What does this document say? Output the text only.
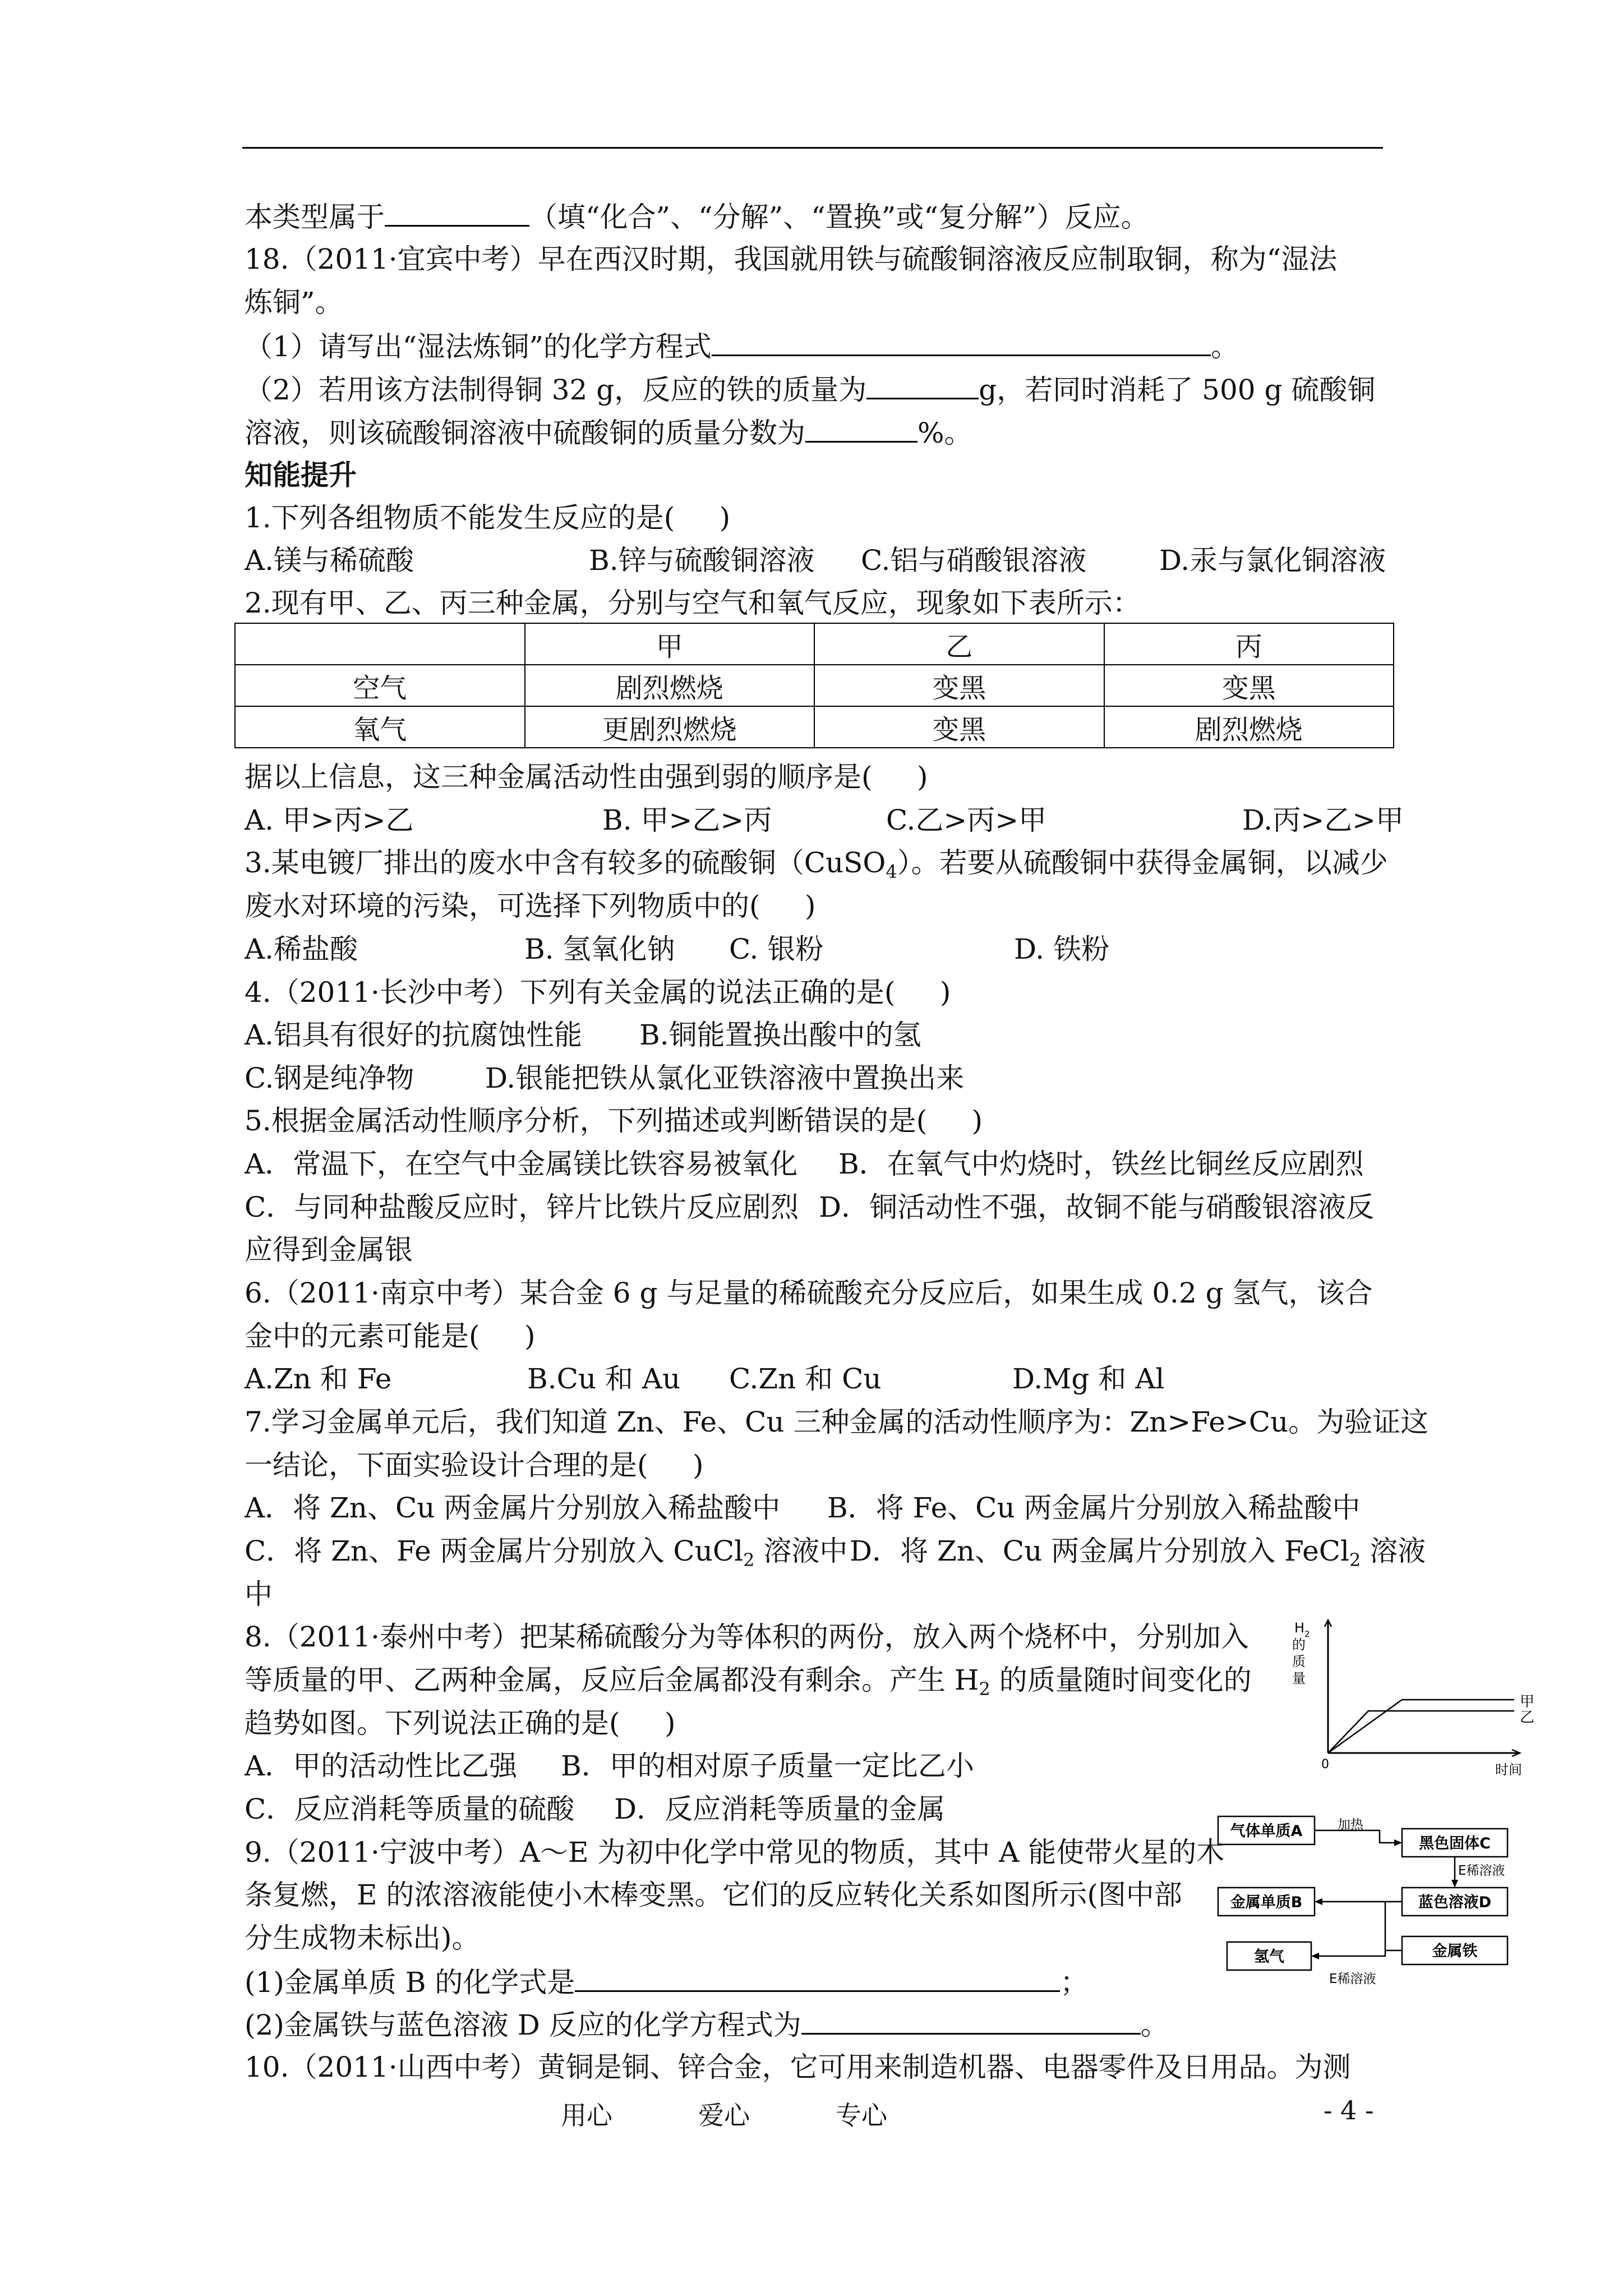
本类型属于	（填“化合”、“分解”、“置换”或“复分解”）反应。
18.（2011·宜宾中考）早在西汉时期，我国就用铁与硫酸铜溶液反应制取铜，称为“湿法
炼铜”。
（1）请写出“湿法炼铜”的化学方程式	。
（2）若用该方法制得铜 32 g，反应的铁的质量为	g，若同时消耗了 500 g 硫酸铜
溶液，则该硫酸铜溶液中硫酸铜的质量分数为	%。
知能提升
1.下列各组物质不能发生反应的是(     )
A.镁与稀硫酸	B.锌与硫酸铜溶液 C.铝与硝酸银溶液	D.汞与氯化铜溶液
2.现有甲、乙、丙三种金属，分别与空气和氧气反应，现象如下表所示：
	甲	乙	丙
空气	剧烈燃烧	变黑	变黑
氧气	更剧烈燃烧	变黑	剧烈燃烧
据以上信息，这三种金属活动性由强到弱的顺序是(     )
A. 甲>丙>乙	B. 甲>乙>丙	C.乙>丙>甲	D.丙>乙>甲
3.某电镀厂排出的废水中含有较多的硫酸铜（CuSO$_4$）。若要从硫酸铜中获得金属铜，以减少
废水对环境的污染，可选择下列物质中的(     )
A.稀盐酸	B. 氢氧化钠 C. 银粉	D. 铁粉
4.（2011·长沙中考）下列有关金属的说法正确的是(     )
A.铝具有很好的抗腐蚀性能 B.铜能置换出酸中的氢
C.钢是纯净物	D.银能把铁从氯化亚铁溶液中置换出来
5.根据金属活动性顺序分析，下列描述或判断错误的是(     )
A．常温下，在空气中金属镁比铁容易被氧化 B．在氧气中灼烧时，铁丝比铜丝反应剧烈
C．与同种盐酸反应时，锌片比铁片反应剧烈 D．铜活动性不强，故铜不能与硝酸银溶液反
应得到金属银
6.（2011·南京中考）某合金 6 g 与足量的稀硫酸充分反应后，如果生成 0.2 g 氢气，该合
金中的元素可能是(     )
A.Zn 和 Fe	B.Cu 和 Au C.Zn 和 Cu	D.Mg 和 Al
7.学习金属单元后，我们知道 Zn、Fe、Cu 三种金属的活动性顺序为：Zn>Fe>Cu。为验证这
一结论，下面实验设计合理的是(     )
A．将 Zn、Cu 两金属片分别放入稀盐酸中 B．将 Fe、Cu 两金属片分别放入稀盐酸中
C．将 Zn、Fe 两金属片分别放入 CuCl$_2$ 溶液中 D．将 Zn、Cu 两金属片分别放入 FeCl$_2$ 溶液
中
8.（2011·泰州中考）把某稀硫酸分为等体积的两份，放入两个烧杯中，分别加入
等质量的甲、乙两种金属，反应后金属都没有剩余。产生 $H_2$ 的质量随时间变化的
趋势如图。下列说法正确的是(     )
A．甲的活动性比乙强 B．甲的相对原子质量一定比乙小
C．反应消耗等质量的硫酸 D．反应消耗等质量的金属
H 2
的
质
量
0	时间
甲
乙
9.（2011·宁波中考）A～E 为初中化学中常见的物质，其中 A 能使带火星的木
条复燃，E 的浓溶液能使小木棒变黑。它们的反应转化关系如图所示(图中部
分生成物未标出)。
(1)金属单质 B 的化学式是	；
(2)金属铁与蓝色溶液 D 反应的化学方程式为	。
气体单质A
黑色固体C
蓝色溶液D
金属单质B
金属铁
氢气
加热
E稀溶液
E稀溶液
10.（2011·山西中考）黄铜是铜、锌合金，它可用来制造机器、电器零件及日用品。为测
用心	爱心	专心	- 4 -
